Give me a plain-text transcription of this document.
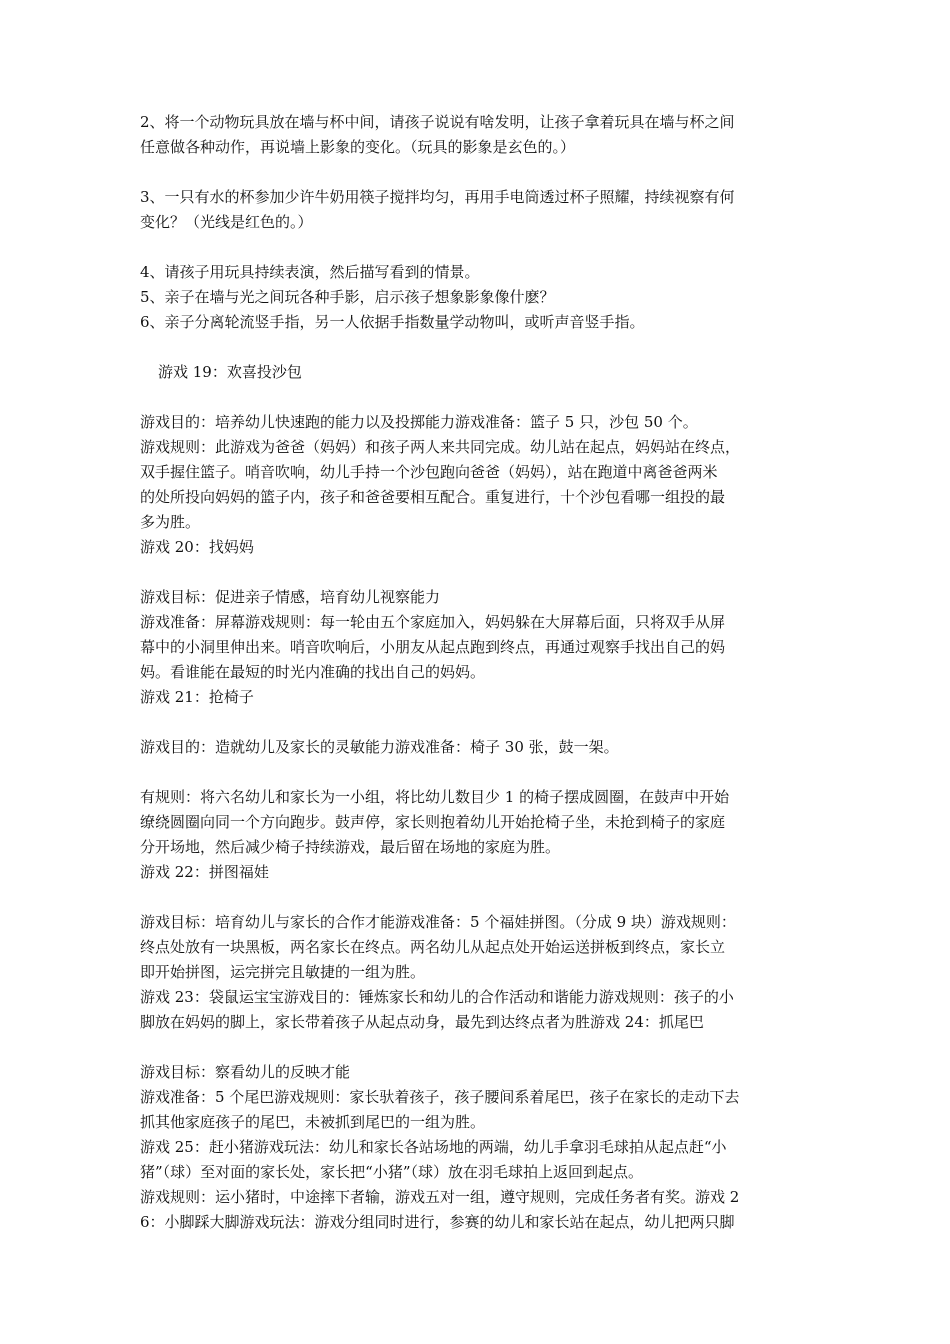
2、将一个动物玩具放在墙与杯中间，请孩子说说有啥发明，让孩子拿着玩具在墙与杯之间
任意做各种动作，再说墙上影象的变化。（玩具的影象是玄色的。）
3、一只有水的杯参加少许牛奶用筷子搅拌均匀，再用手电筒透过杯子照耀，持续视察有何
变化？（光线是红色的。）
4、请孩子用玩具持续表演，然后描写看到的情景。
5、亲子在墙与光之间玩各种手影，启示孩子想象影象像什麽？
6、亲子分离轮流竖手指，另一人依据手指数量学动物叫，或听声音竖手指。
游戏 19：欢喜投沙包
游戏目的：培养幼儿快速跑的能力以及投掷能力游戏准备：篮子 5 只，沙包 50 个。
游戏规则：此游戏为爸爸（妈妈）和孩子两人来共同完成。幼儿站在起点，妈妈站在终点，
双手握住篮子。哨音吹响，幼儿手持一个沙包跑向爸爸（妈妈），站在跑道中离爸爸两米
的处所投向妈妈的篮子内，孩子和爸爸要相互配合。重复进行，十个沙包看哪一组投的最
多为胜。
游戏 20：找妈妈
游戏目标：促进亲子情感，培育幼儿视察能力
游戏准备：屏幕游戏规则：每一轮由五个家庭加入，妈妈躲在大屏幕后面，只将双手从屏
幕中的小洞里伸出来。哨音吹响后，小朋友从起点跑到终点，再通过观察手找出自己的妈
妈。看谁能在最短的时光内准确的找出自己的妈妈。
游戏 21：抢椅子
游戏目的：造就幼儿及家长的灵敏能力游戏准备：椅子 30 张，鼓一架。
有规则：将六名幼儿和家长为一小组，将比幼儿数目少 1 的椅子摆成圆圈，在鼓声中开始
缭绕圆圈向同一个方向跑步。鼓声停，家长则抱着幼儿开始抢椅子坐，未抢到椅子的家庭
分开场地，然后减少椅子持续游戏，最后留在场地的家庭为胜。
游戏 22：拼图福娃
游戏目标：培育幼儿与家长的合作才能游戏准备：5 个福娃拼图。（分成 9 块）游戏规则：
终点处放有一块黑板，两名家长在终点。两名幼儿从起点处开始运送拼板到终点，家长立
即开始拼图，运完拼完且敏捷的一组为胜。
游戏 23：袋鼠运宝宝游戏目的：锤炼家长和幼儿的合作活动和谐能力游戏规则：孩子的小
脚放在妈妈的脚上，家长带着孩子从起点动身，最先到达终点者为胜游戏 24：抓尾巴
游戏目标：察看幼儿的反映才能
游戏准备：5 个尾巴游戏规则：家长驮着孩子，孩子腰间系着尾巴，孩子在家长的走动下去
抓其他家庭孩子的尾巴，未被抓到尾巴的一组为胜。
游戏 25：赶小猪游戏玩法：幼儿和家长各站场地的两端，幼儿手拿羽毛球拍从起点赶“小
猪”（球）至对面的家长处，家长把“小猪”（球）放在羽毛球拍上返回到起点。
游戏规则：运小猪时，中途摔下者输，游戏五对一组，遵守规则，完成任务者有奖。游戏 2
6：小脚踩大脚游戏玩法：游戏分组同时进行，参赛的幼儿和家长站在起点，幼儿把两只脚
